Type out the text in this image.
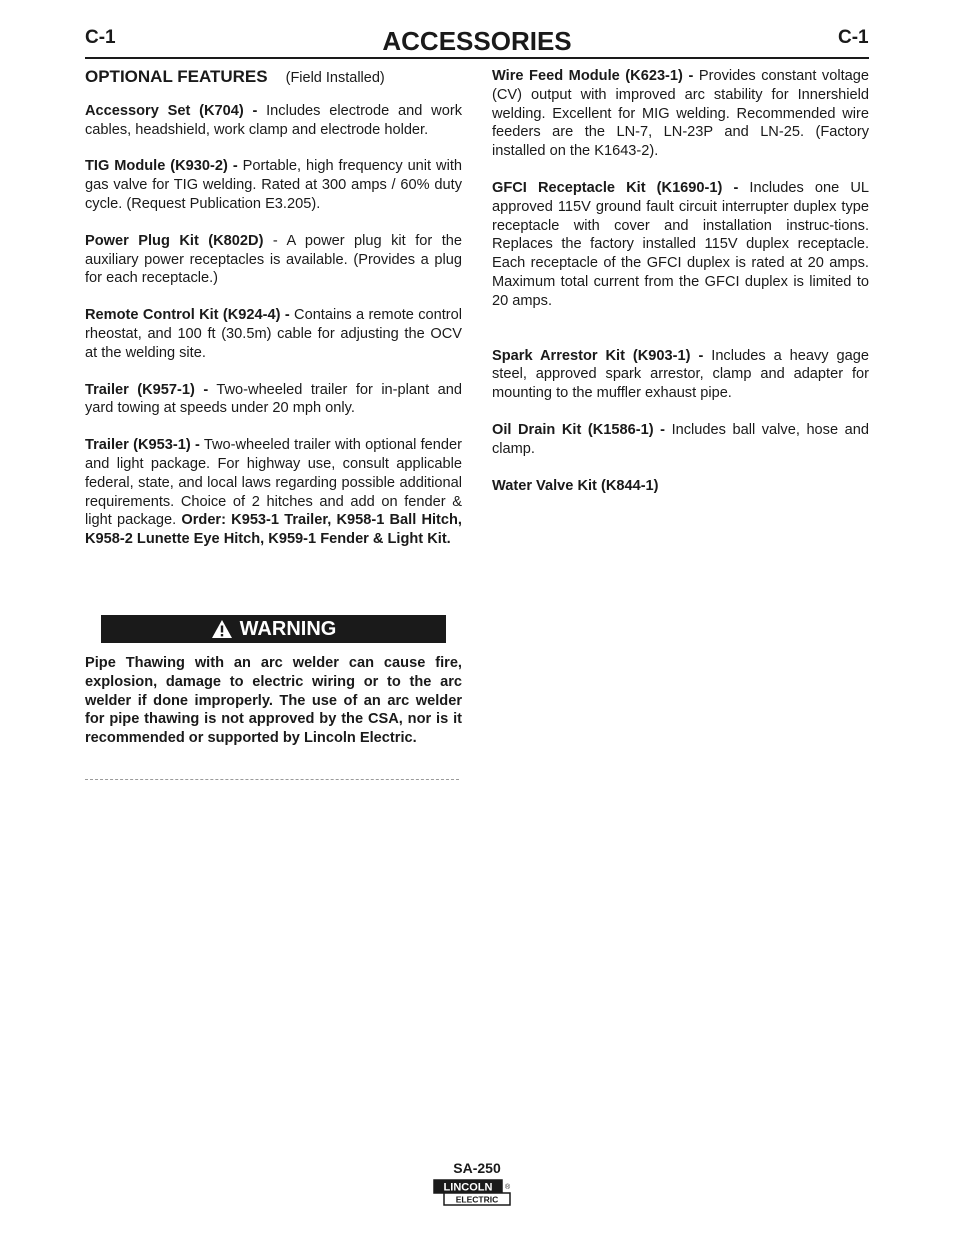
C-1	ACCESSORIES	C-1
OPTIONAL FEATURES (Field Installed)

Accessory Set (K704) - Includes electrode and work cables, headshield, work clamp and electrode holder.

TIG Module (K930-2) - Portable, high frequency unit with gas valve for TIG welding. Rated at 300 amps / 60% duty cycle. (Request Publication E3.205).

Power Plug Kit (K802D) - A power plug kit for the auxiliary power receptacles is available. (Provides a plug for each receptacle.)

Remote Control Kit (K924-4) - Contains a remote control rheostat, and 100 ft (30.5m) cable for adjusting the OCV at the welding site.

Trailer (K957-1) - Two-wheeled trailer for in-plant and yard towing at speeds under 20 mph only.

Trailer (K953-1) - Two-wheeled trailer with optional fender and light package. For highway use, consult applicable federal, state, and local laws regarding possible additional requirements. Choice of 2 hitches and add on fender & light package. Order: K953-1 Trailer, K958-1 Ball Hitch, K958-2 Lunette Eye Hitch, K959-1 Fender & Light Kit.

WARNING
Pipe Thawing with an arc welder can cause fire, explosion, damage to electric wiring or to the arc welder if done improperly. The use of an arc welder for pipe thawing is not approved by the CSA, nor is it recommended or supported by Lincoln Electric.

Wire Feed Module (K623-1) - Provides constant voltage (CV) output with improved arc stability for Innershield welding. Excellent for MIG welding. Recommended wire feeders are the LN-7, LN-23P and LN-25. (Factory installed on the K1643-2).

GFCI Receptacle Kit (K1690-1) - Includes one UL approved 115V ground fault circuit interrupter duplex type receptacle with cover and installation instruc-tions. Replaces the factory installed 115V duplex receptacle. Each receptacle of the GFCI duplex is rated at 20 amps. Maximum total current from the GFCI duplex is limited to 20 amps.

Spark Arrestor Kit (K903-1) - Includes a heavy gage steel, approved spark arrestor, clamp and adapter for mounting to the muffler exhaust pipe.

Oil Drain Kit (K1586-1) - Includes ball valve, hose and clamp.

Water Valve Kit (K844-1)

SA-250
LINCOLN
ELECTRIC
®
